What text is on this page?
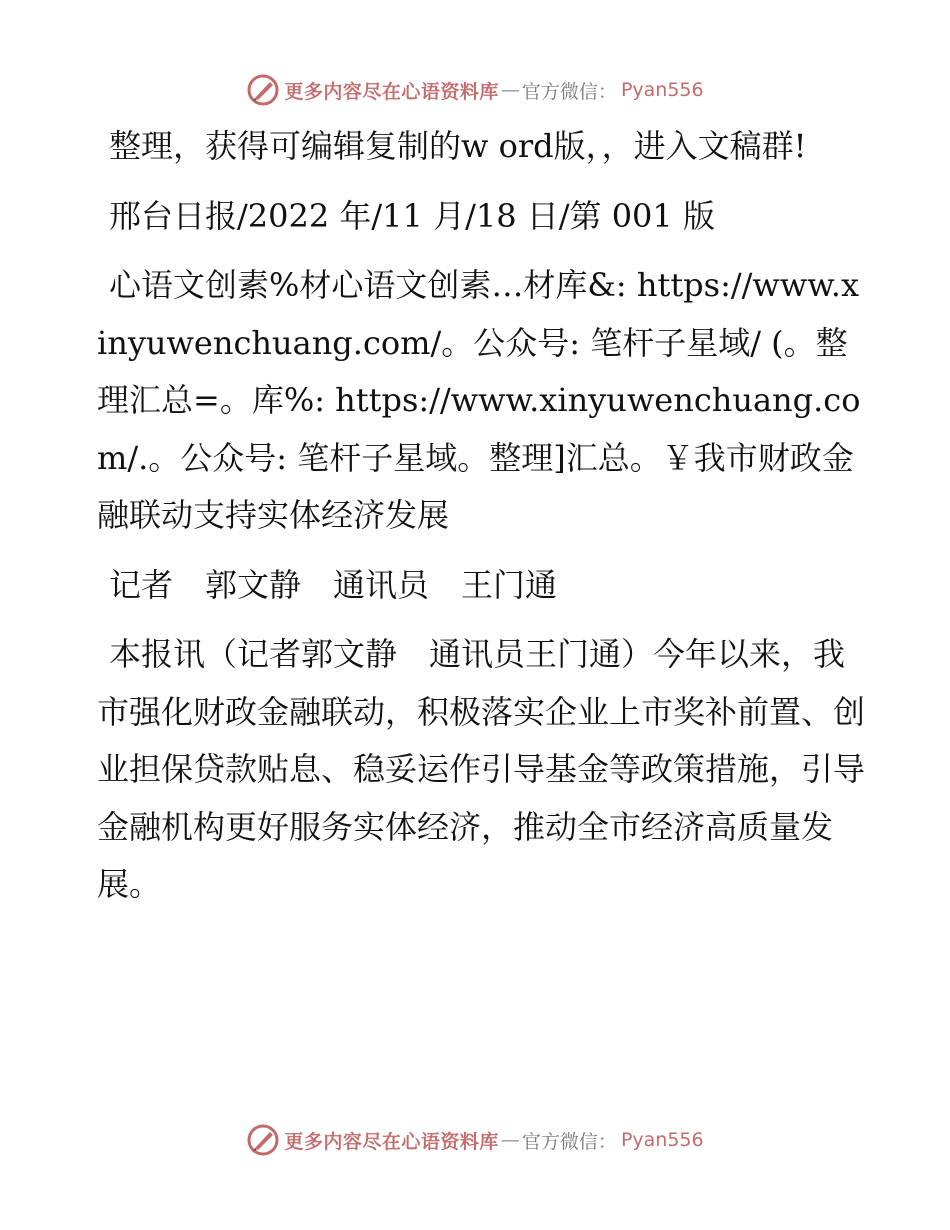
更多内容尽在心语资料库 — 官方微信： Pyan556

整理，获得可编辑复制的w ord版，，进入文稿群!

邢台日报/2022 年/11 月/18 日/第 001 版

心语文创素%材心语文创素…材库&: https://www.xinyuwenchuang.com/。公众号: 笔杆子星域/ (。整理汇总=。库%: https://www.xinyuwenchuang.com/.。公众号: 笔杆子星域。整理]汇总。￥我市财政金融联动支持实体经济发展

记者　郭文静　通讯员　王门通

本报讯（记者郭文静　通讯员王门通）今年以来，我市强化财政金融联动，积极落实企业上市奖补前置、创业担保贷款贴息、稳妥运作引导基金等政策措施，引导金融机构更好服务实体经济，推动全市经济高质量发展。

更多内容尽在心语资料库 — 官方微信： Pyan556
